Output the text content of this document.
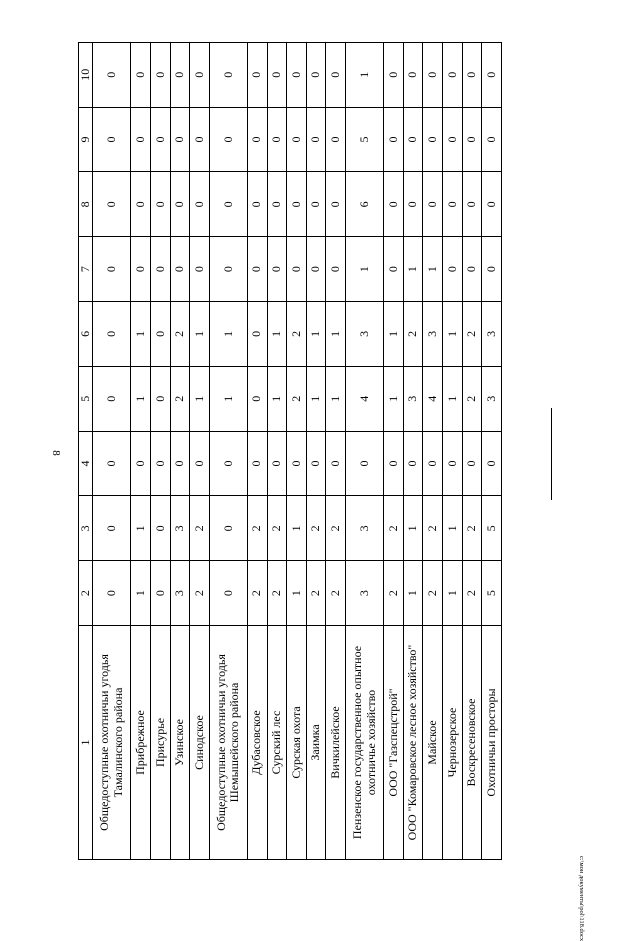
8
1	2	3	4	5	6	7	8	9	10
Общедоступные охотничьи угодья Тамалинского района	0	0	0	0	0	0	0	0	0
Прибрежное	1	1	0	1	1	0	0	0	0
Присурье	0	0	0	0	0	0	0	0	0
Узинское	3	3	0	2	2	0	0	0	0
Синодское	2	2	0	1	1	0	0	0	0
Общедоступные охотничьи угодья Шемышейского района	0	0	0	1	1	0	0	0	0
Дубасовское	2	2	0	0	0	0	0	0	0
Сурский лес	2	2	0	1	1	0	0	0	0
Сурская охота	1	1	0	2	2	0	0	0	0
Заимка	2	2	0	1	1	0	0	0	0
Вичкилейское	2	2	0	1	1	0	0	0	0
Пензенское государственное опытное охотничье хозяйство	3	3	0	4	3	1	6	5	1
ООО "Газспецстрой"	2	2	0	1	1	0	0	0	0
ООО "Комаровское лесное хозяйство"	1	1	0	3	2	1	0	0	0
Майское	2	2	0	4	3	1	0	0	0
Чернозерское	1	1	0	1	1	0	0	0	0
Воскресеновское	2	2	0	2	2	0	0	0	0
Охотничьи просторы	5	5	0	3	3	0	0	0	0
c:\мои документы\pol\118.docx
